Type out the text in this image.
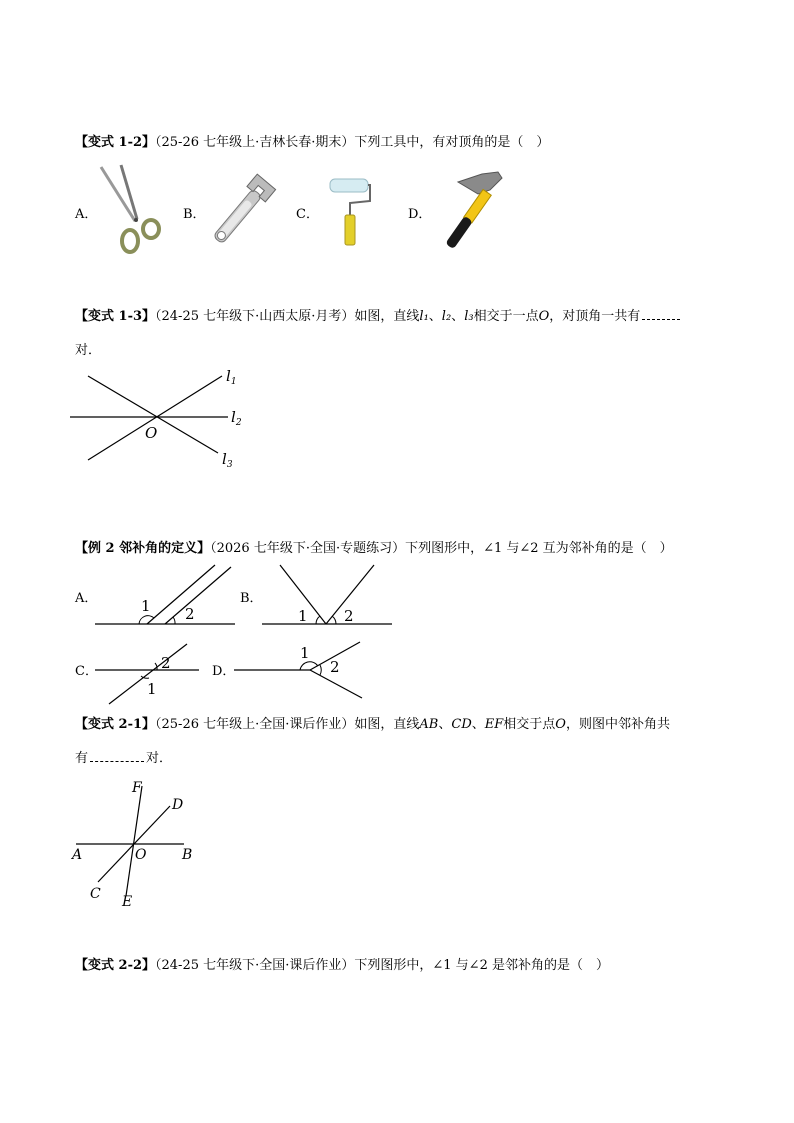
【变式 1-2】（25-26 七年级上·吉林长春·期末）下列工具中，有对顶角的是（　）
A．	B．	C．	D．
【变式 1-3】（24-25 七年级下·山西太原·月考）如图，直线l₁、l₂、l₃相交于一点O，对顶角一共有
对．
$l_1$
$l_2$
$l_3$
O
【例 2 邻补角的定义】（2026 七年级下·全国·专题练习）下列图形中，∠1 与∠2 互为邻补角的是（　）
A．	1 2
B．
1 2
C．	2
1
D．
1
2
【变式 2-1】（25-26 七年级上·全国·课后作业）如图，直线AB、CD、EF相交于点O，则图中邻补角共
有	对．
F
D
A	O	B
C E
【变式 2-2】（24-25 七年级下·全国·课后作业）下列图形中，∠1 与∠2 是邻补角的是（　）
